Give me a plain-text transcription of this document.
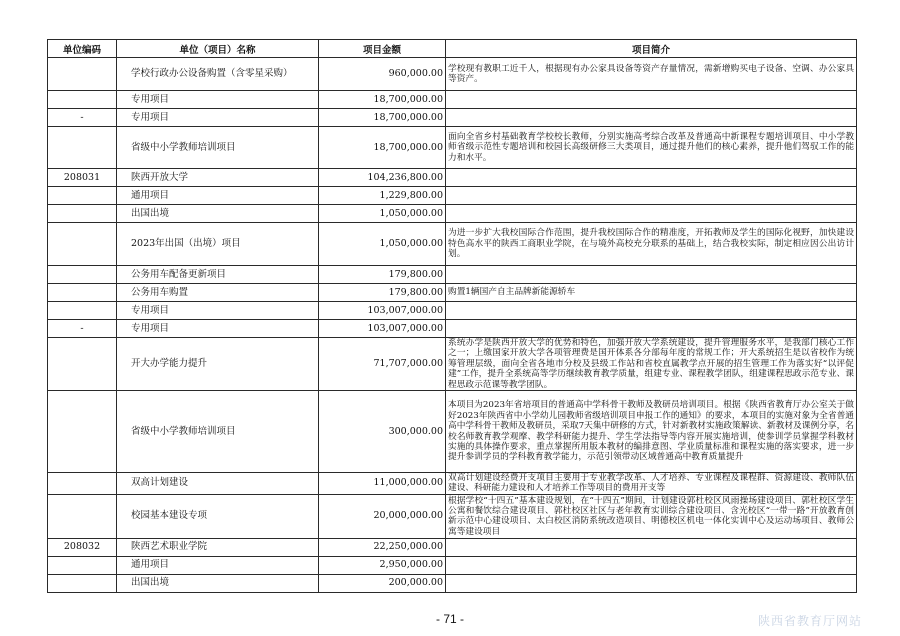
单位编码	单位（项目）名称	项目金额	项目简介
	学校行政办公设备购置（含零星采购）	960,000.00	学校现有教职工近千人，根据现有办公家具设备等资产存量情况，需新增购买电子设备、空调、办公家具等资产。
	专用项目	18,700,000.00	
-	专用项目	18,700,000.00	
	省级中小学教师培训项目	18,700,000.00	面向全省乡村基础教育学校校长教师，分别实施高考综合改革及普通高中新课程专题培训项目、中小学教师省级示范性专题培训和校园长高级研修三大类项目，通过提升他们的核心素养，提升他们驾驭工作的能力和水平。
208031	陕西开放大学	104,236,800.00	
	通用项目	1,229,800.00	
	出国出境	1,050,000.00	
	2023年出国（出境）项目	1,050,000.00	为进一步扩大我校国际合作范围，提升我校国际合作的精准度，开拓教师及学生的国际化视野，加快建设特色高水平的陕西工商职业学院，在与境外高校充分联系的基础上，结合我校实际，制定相应因公出访计划。
	公务用车配备更新项目	179,800.00	
	公务用车购置	179,800.00	购置1辆国产自主品牌新能源轿车
	专用项目	103,007,000.00	
-	专用项目	103,007,000.00	
	开大办学能力提升	71,707,000.00	系统办学是陕西开放大学的优势和特色，加强开放大学系统建设，提升管理服务水平，是我部门核心工作之一；上缴国家开放大学各项管理费是国开体系各分部每年度的常规工作；开大系统招生是以省校作为统筹管理层级，面向全省各地市分校及县级工作站和省校直属教学点开展的招生管理工作为落实好“以评促建”工作，提升全系统高等学历继续教育教学质量，组建专业、课程教学团队，组建课程思政示范专业、课程思政示范课等教学团队。
	省级中小学教师培训项目	300,000.00	本项目为2023年省培项目的普通高中学科骨干教师及教研员培训项目。根据《陕西省教育厅办公室关于做好2023年陕西省中小学幼儿园教师省级培训项目申报工作的通知》的要求，本项目的实施对象为全省普通高中学科骨干教师及教研员，采取7天集中研修的方式，针对新教材实施政策解读、新教材及课例分享，名校名师教育教学观摩、教学科研能力提升、学生学法指导等内容开展实施培训，使参训学员掌握学科教材实施的具体操作要求，重点掌握所用版本教材的编排意图、学业质量标准和课程实施的落实要求，进一步提升参训学员的学科教育教学能力，示范引领带动区域普通高中教育质量提升
	双高计划建设	11,000,000.00	双高计划建设经费开支项目主要用于专业教学改革、人才培养、专业课程及课程群、资源建设、教师队伍建设、科研能力建设和人才培养工作等项目的费用开支等
	校园基本建设专项	20,000,000.00	根据学校“十四五”基本建设规划，在“十四五”期间，计划建设郭杜校区风雨操场建设项目、郭杜校区学生公寓和餐饮综合建设项目、郭杜校区社区与老年教育实训综合建设项目、含光校区“一带一路”开放教育创新示范中心建设项目、太白校区消防系统改造项目、明德校区机电一体化实训中心及运动场项目、教师公寓等建设项目
208032	陕西艺术职业学院	22,250,000.00	
	通用项目	2,950,000.00	
	出国出境	200,000.00	
- 71 -	陕西省教育厅网站
